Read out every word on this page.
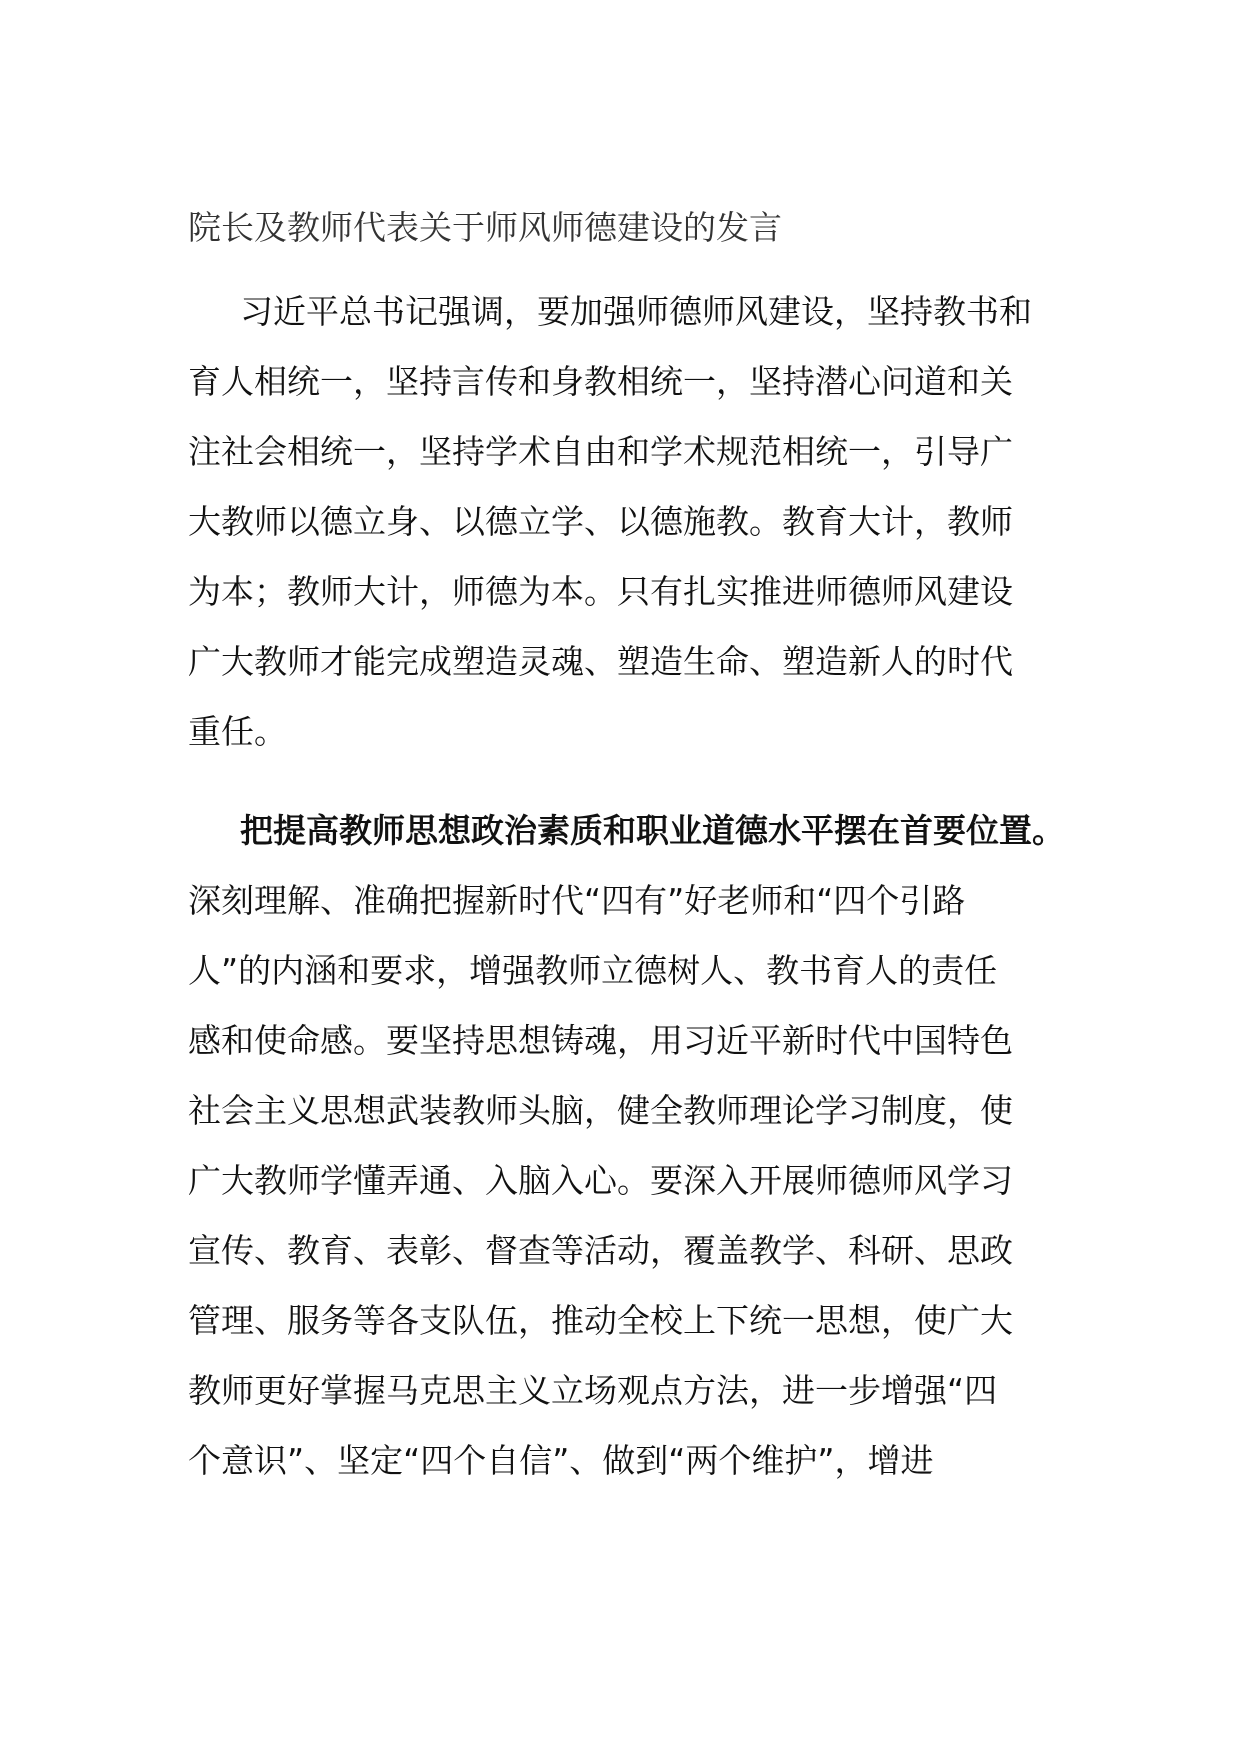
院长及教师代表关于师风师德建设的发言
习近平总书记强调，要加强师德师风建设，坚持教书和
育人相统一，坚持言传和身教相统一，坚持潜心问道和关
注社会相统一，坚持学术自由和学术规范相统一，引导广
大教师以德立身、以德立学、以德施教。教育大计，教师
为本；教师大计，师德为本。只有扎实推进师德师风建设
广大教师才能完成塑造灵魂、塑造生命、塑造新人的时代
重任。
把提高教师思想政治素质和职业道德水平摆在首要位置。
深刻理解、准确把握新时代“四有”好老师和“四个引路
人”的内涵和要求，增强教师立德树人、教书育人的责任
感和使命感。要坚持思想铸魂，用习近平新时代中国特色
社会主义思想武装教师头脑，健全教师理论学习制度，使
广大教师学懂弄通、入脑入心。要深入开展师德师风学习
宣传、教育、表彰、督查等活动，覆盖教学、科研、思政
管理、服务等各支队伍，推动全校上下统一思想，使广大
教师更好掌握马克思主义立场观点方法，进一步增强“四
个意识”、坚定“四个自信”、做到“两个维护”，增进
